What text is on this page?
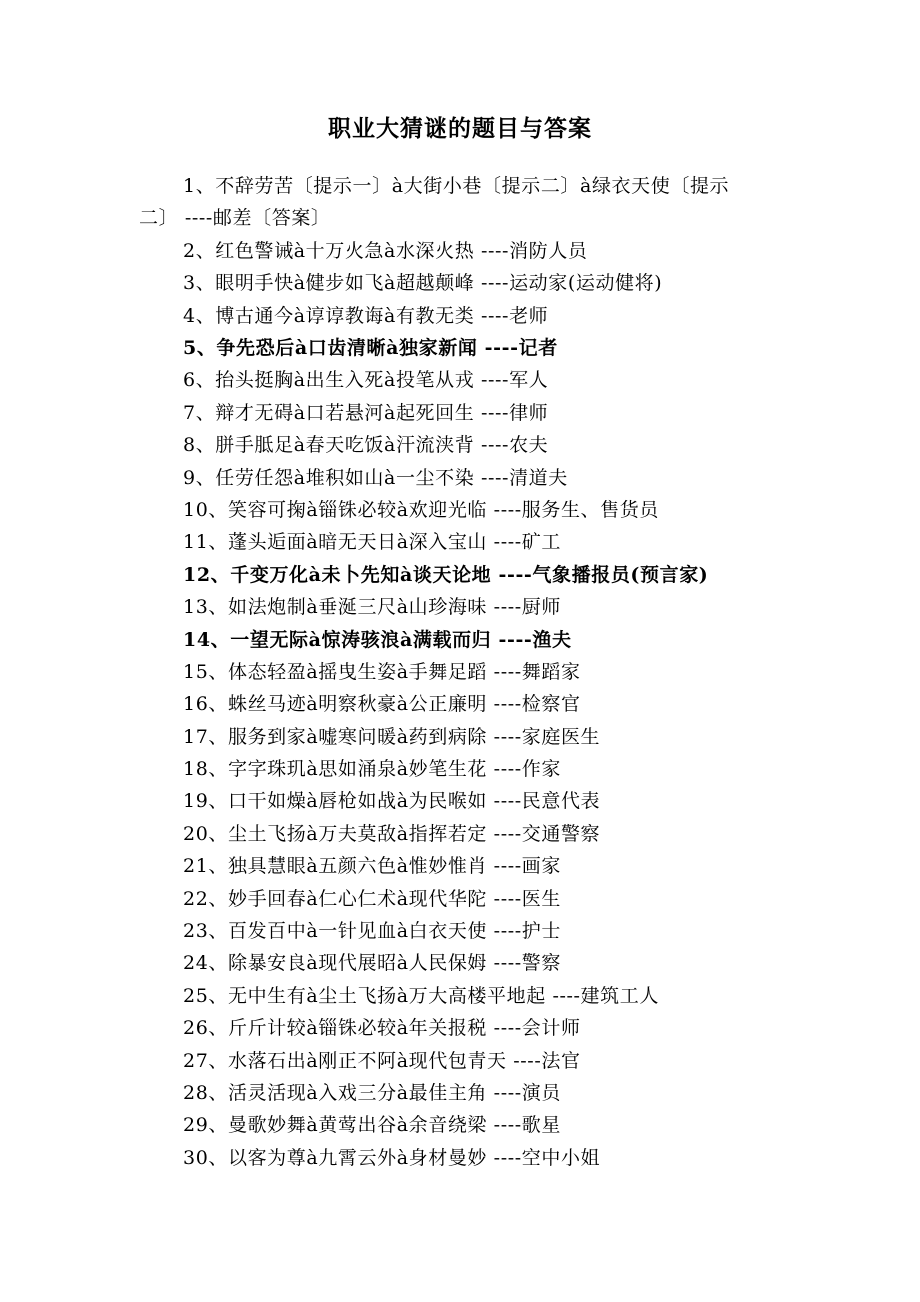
职业大猜谜的题目与答案
1、不辞劳苦〔提示一〕à大街小巷〔提示二〕à绿衣天使〔提示
二〕 ----邮差〔答案〕
2、红色警诫à十万火急à水深火热 ----消防人员
3、眼明手快à健步如飞à超越颠峰 ----运动家(运动健将)
4、博古通今à谆谆教诲à有教无类 ----老师
5、争先恐后à口齿清晰à独家新闻 ----记者
6、抬头挺胸à出生入死à投笔从戎 ----军人
7、辩才无碍à口若悬河à起死回生 ----律师
8、胼手胝足à春天吃饭à汗流浃背 ----农夫
9、任劳任怨à堆积如山à一尘不染 ----清道夫
10、笑容可掬à锱铢必较à欢迎光临 ----服务生、售货员
11、蓬头逅面à暗无天日à深入宝山 ----矿工
12、千变万化à未卜先知à谈天论地 ----气象播报员(预言家)
13、如法炮制à垂涎三尺à山珍海味 ----厨师
14、一望无际à惊涛骇浪à满载而归 ----渔夫
15、体态轻盈à摇曳生姿à手舞足蹈 ----舞蹈家
16、蛛丝马迹à明察秋豪à公正廉明 ----检察官
17、服务到家à嘘寒问暖à药到病除 ----家庭医生
18、字字珠玑à思如涌泉à妙笔生花 ----作家
19、口干如燥à唇枪如战à为民喉如 ----民意代表
20、尘土飞扬à万夫莫敌à指挥若定 ----交通警察
21、独具慧眼à五颜六色à惟妙惟肖 ----画家
22、妙手回春à仁心仁术à现代华陀 ----医生
23、百发百中à一针见血à白衣天使 ----护士
24、除暴安良à现代展昭à人民保姆 ----警察
25、无中生有à尘土飞扬à万大高楼平地起 ----建筑工人
26、斤斤计较à锱铢必较à年关报税 ----会计师
27、水落石出à刚正不阿à现代包青天 ----法官
28、活灵活现à入戏三分à最佳主角 ----演员
29、曼歌妙舞à黄莺出谷à余音绕梁 ----歌星
30、以客为尊à九霄云外à身材曼妙 ----空中小姐
